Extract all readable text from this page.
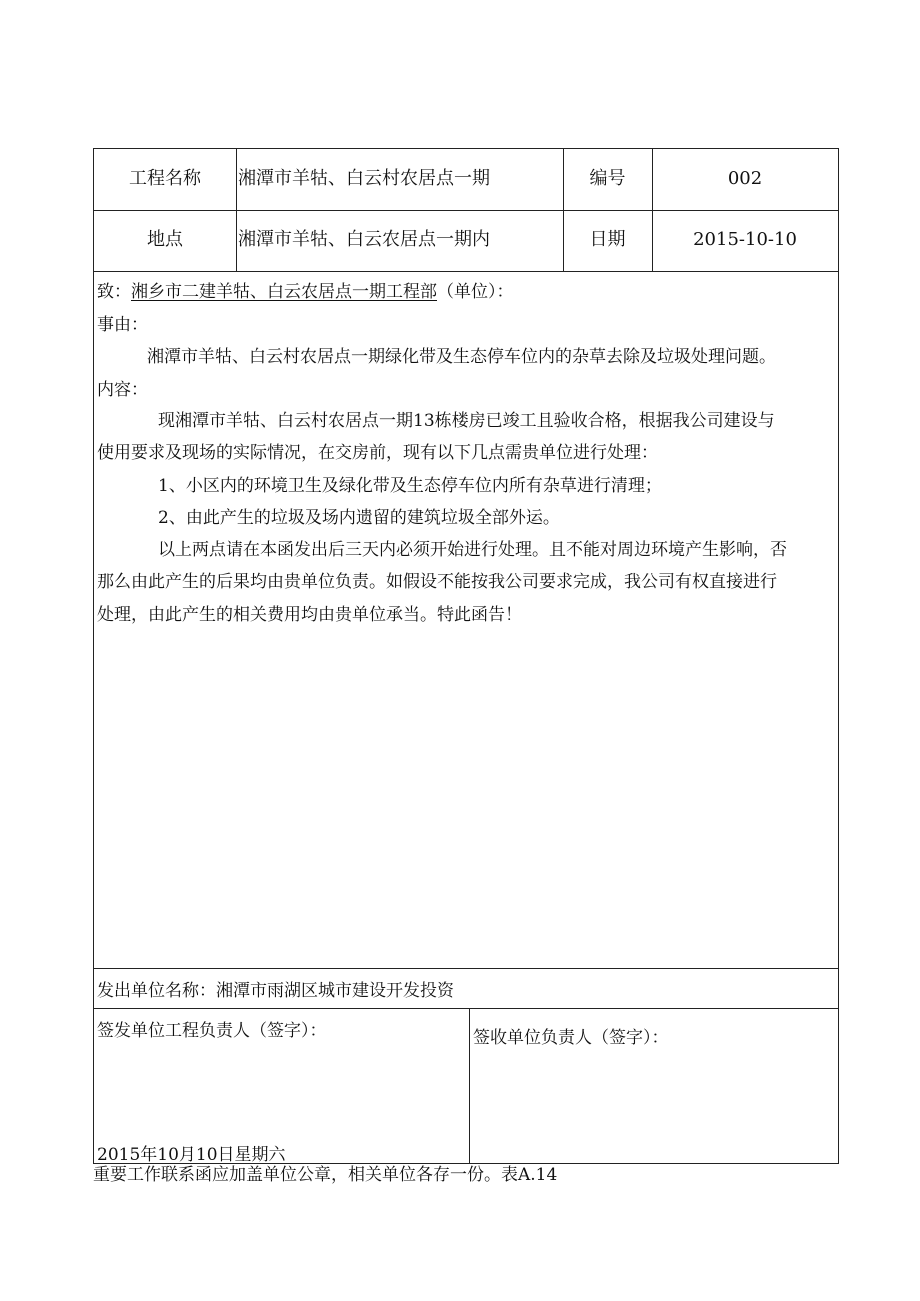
工程名称	湘潭市羊牯、白云村农居点一期	编号	002
地点	湘潭市羊牯、白云农居点一期内	日期	2015-10-10
致：湘乡市二建羊牯、白云农居点一期工程部（单位）：
事由：
湘潭市羊牯、白云村农居点一期绿化带及生态停车位内的杂草去除及垃圾处理问题。
内容：
现湘潭市羊牯、白云村农居点一期13栋楼房已竣工且验收合格，根据我公司建设与
使用要求及现场的实际情况，在交房前，现有以下几点需贵单位进行处理：
1、小区内的环境卫生及绿化带及生态停车位内所有杂草进行清理；
2、由此产生的垃圾及场内遗留的建筑垃圾全部外运。
以上两点请在本函发出后三天内必须开始进行处理。且不能对周边环境产生影响，否
那么由此产生的后果均由贵单位负责。如假设不能按我公司要求完成，我公司有权直接进行
处理，由此产生的相关费用均由贵单位承当。特此函告！
发出单位名称：湘潭市雨湖区城市建设开发投资
签发单位工程负责人（签字）：
2015年10月10日星期六
签收单位负责人（签字）：
重要工作联系函应加盖单位公章，相关单位各存一份。表A.14
